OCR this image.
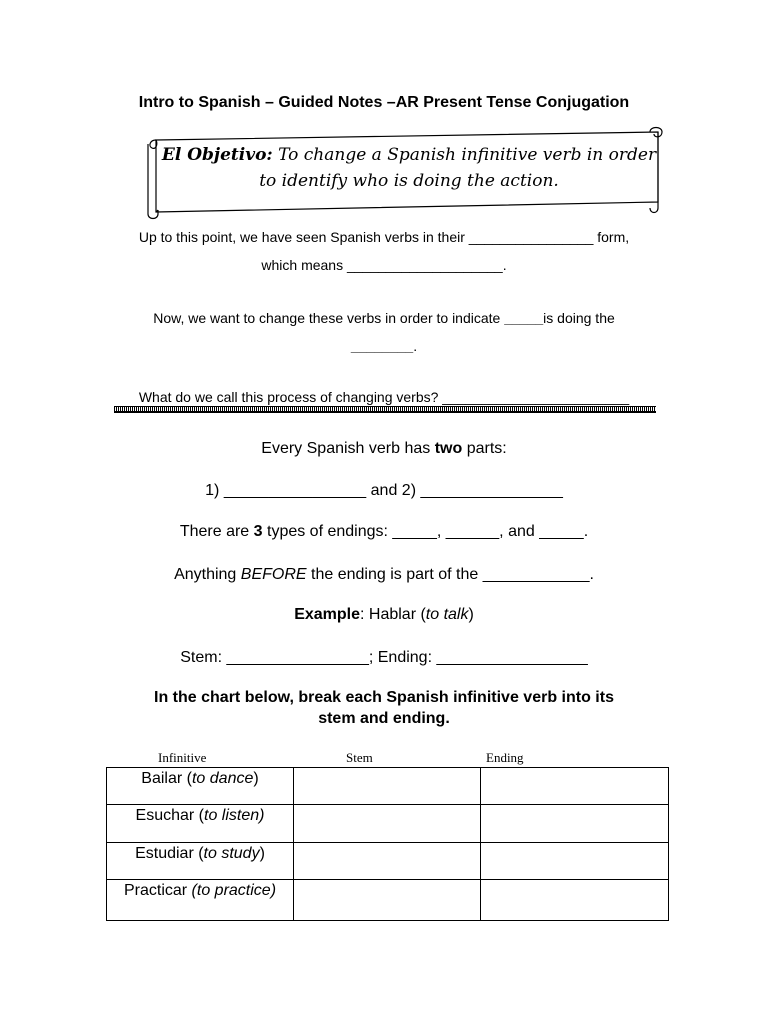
Intro to Spanish – Guided Notes –AR Present Tense Conjugation
El Objetivo: To change a Spanish infinitive verb in order to identify who is doing the action.
Up to this point, we have seen Spanish verbs in their ________________ form,
which means ____________________.
Now, we want to change these verbs in order to indicate _____is doing the
________.
What do we call this process of changing verbs? ________________________
Every Spanish verb has two parts:
1) ________________ and 2) ________________
There are 3 types of endings: _____, ______, and _____.
Anything BEFORE the ending is part of the ____________.
Example: Hablar (to talk)
Stem: ________________; Ending: _________________
In the chart below, break each Spanish infinitive verb into its
stem and ending.
Infinitive	Stem	Ending
Bailar (to dance)		
Esuchar (to listen)		
Estudiar (to study)		
Practicar (to practice)		
